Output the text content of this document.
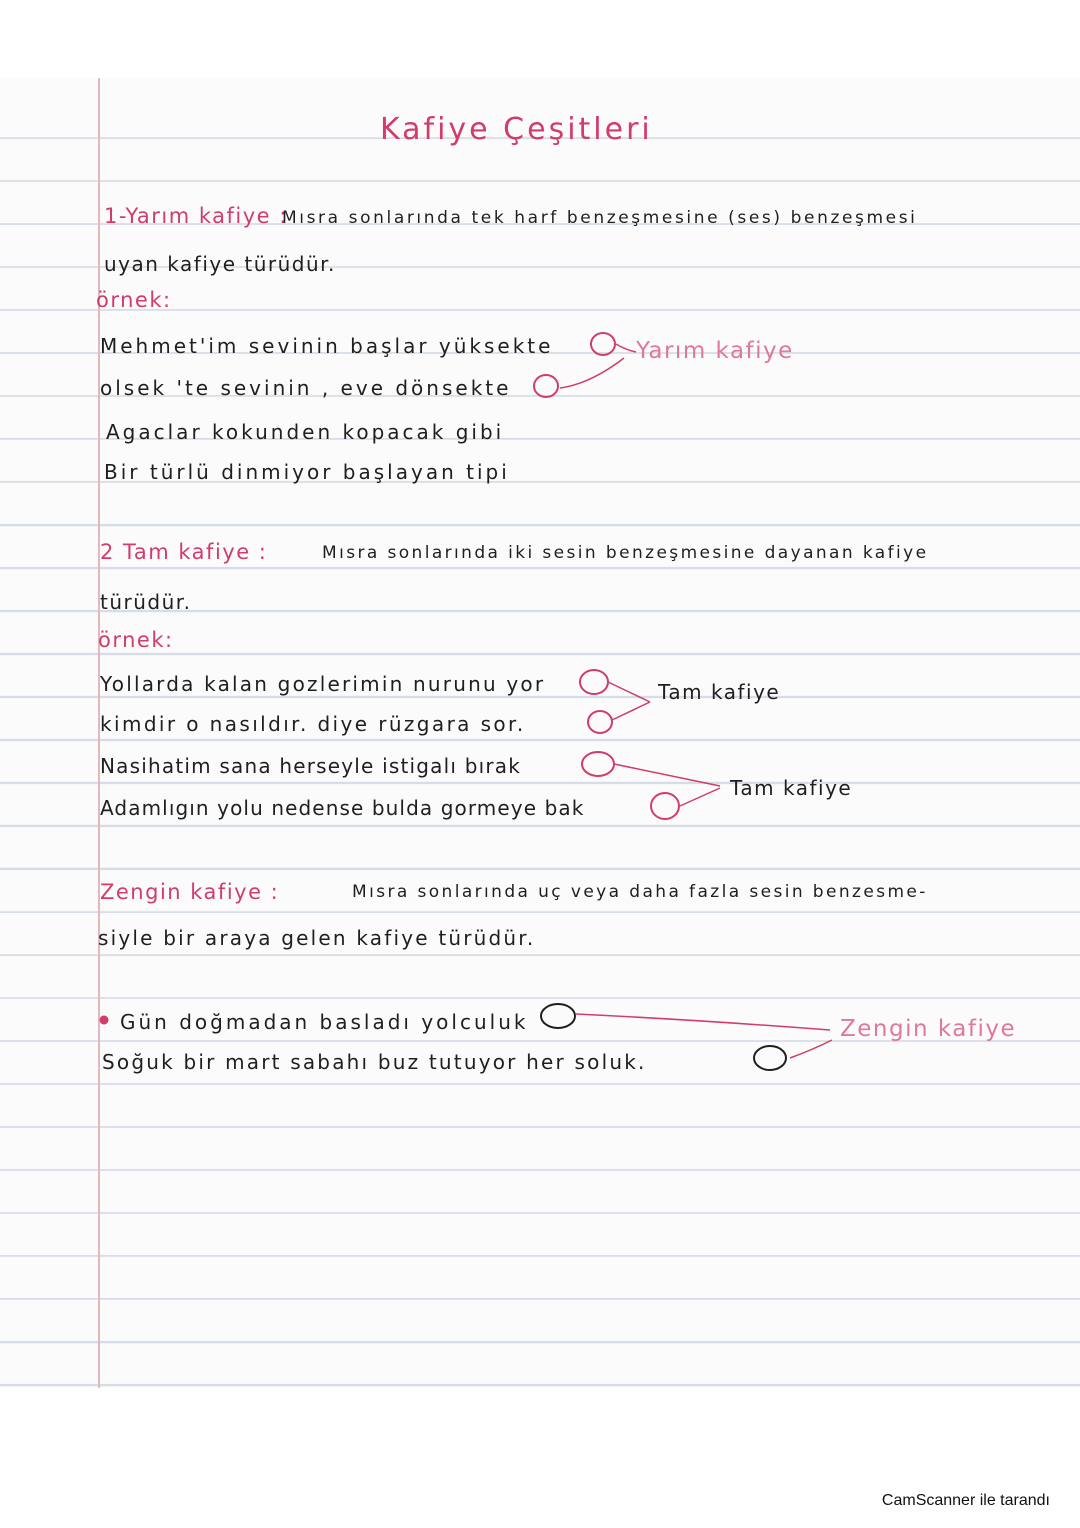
Kafiye Çeşitleri
1-Yarım kafiye :
Mısra sonlarında tek harf benzeşmesine (ses) benzeşmesi
uyan kafiye türüdür.
örnek:
Mehmet'im sevinin başlar yüksekte
olsek 'te sevinin , eve dönsekte
Agaclar kokunden kopacak gibi
Bir türlü dinmiyor başlayan tipi
Yarım kafiye
2 Tam kafiye :	Mısra sonlarında iki sesin benzeşmesine dayanan kafiye
türüdür.
örnek:
Yollarda kalan gozlerimin nurunu yor
kimdir o nasıldır. diye rüzgara sor.
Nasihatim sana herseyle istigalı bırak
Adamlıgın yolu nedense bulda gormeye bak
Tam kafiye
Tam kafiye
Zengin kafiye :	Mısra sonlarında uç veya daha fazla sesin benzesme-
siyle bir araya gelen kafiye türüdür.
Gün doğmadan basladı yolculuk
Soğuk bir mart sabahı buz tutuyor her soluk.
Zengin kafiye
CamScanner ile tarandı
